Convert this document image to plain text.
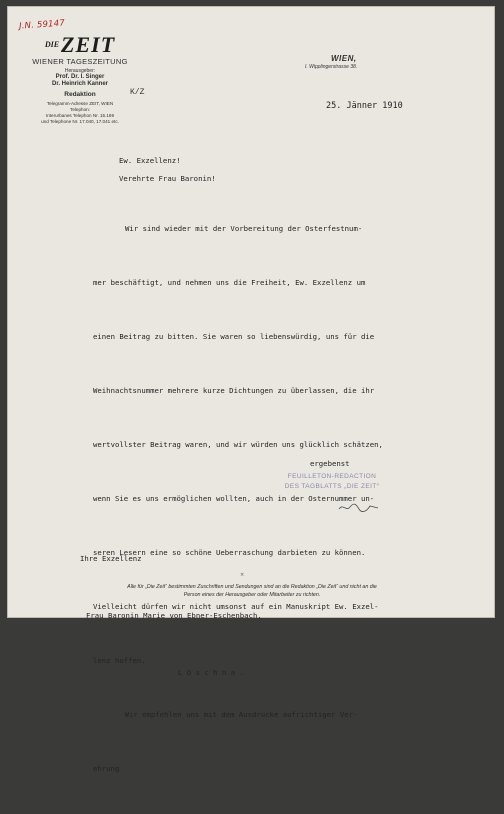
J.N. 59147
$^{DIE}$ZEIT
WIENER TAGESZEITUNG
Herausgeber:
Prof. Dr. I. Singer
Dr. Heinrich Kanner
Redaktion
Telegramm-Adresse ZEIT, WIEN
Telephon:
Interurbanes Telephon Nr. 15.169
und Telephone Nr. 17.040, 17.041 etc.
K/Z
WIEN,
I. Wipplingerstrasse 38.
25. Jänner 1910
Ew. Exzellenz!
Verehrte Frau Baronin!

Wir sind wieder mit der Vorbereitung der Osterfestnum-

mer beschäftigt, und nehmen uns die Freiheit, Ew. Exzellenz um

einen Beitrag zu bitten. Sie waren so liebenswürdig, uns für die

Weihnachtsnummer mehrere kurze Dichtungen zu überlassen, die ihr

wertvollster Beitrag waren, und wir würden uns glücklich schätzen,

wenn Sie es uns ermöglichen wollten, auch in der Osternummer un-

seren Lesern eine so schöne Ueberraschung darbieten zu können.

Vielleicht dürfen wir nicht umsonst auf ein Manuskript Ew. Exzel-

lenz hoffen.

Wir empfehlen uns mit dem Ausdrucke aufrichtiger Ver-

ehrung

ergebenst
FEUILLETON-REDACTION
DES TAGBLATTS „DIE ZEIT“

Ihre Exzellenz

Frau Baronin Marie von Ebner-Eschenbach,

L ö s c h n a .

×
Alle für „Die Zeit“ bestimmten Zuschriften und Sendungen sind an die Redaktion „Die Zeit“ und nicht an die
Person eines der Herausgeber oder Mitarbeiter zu richten.
